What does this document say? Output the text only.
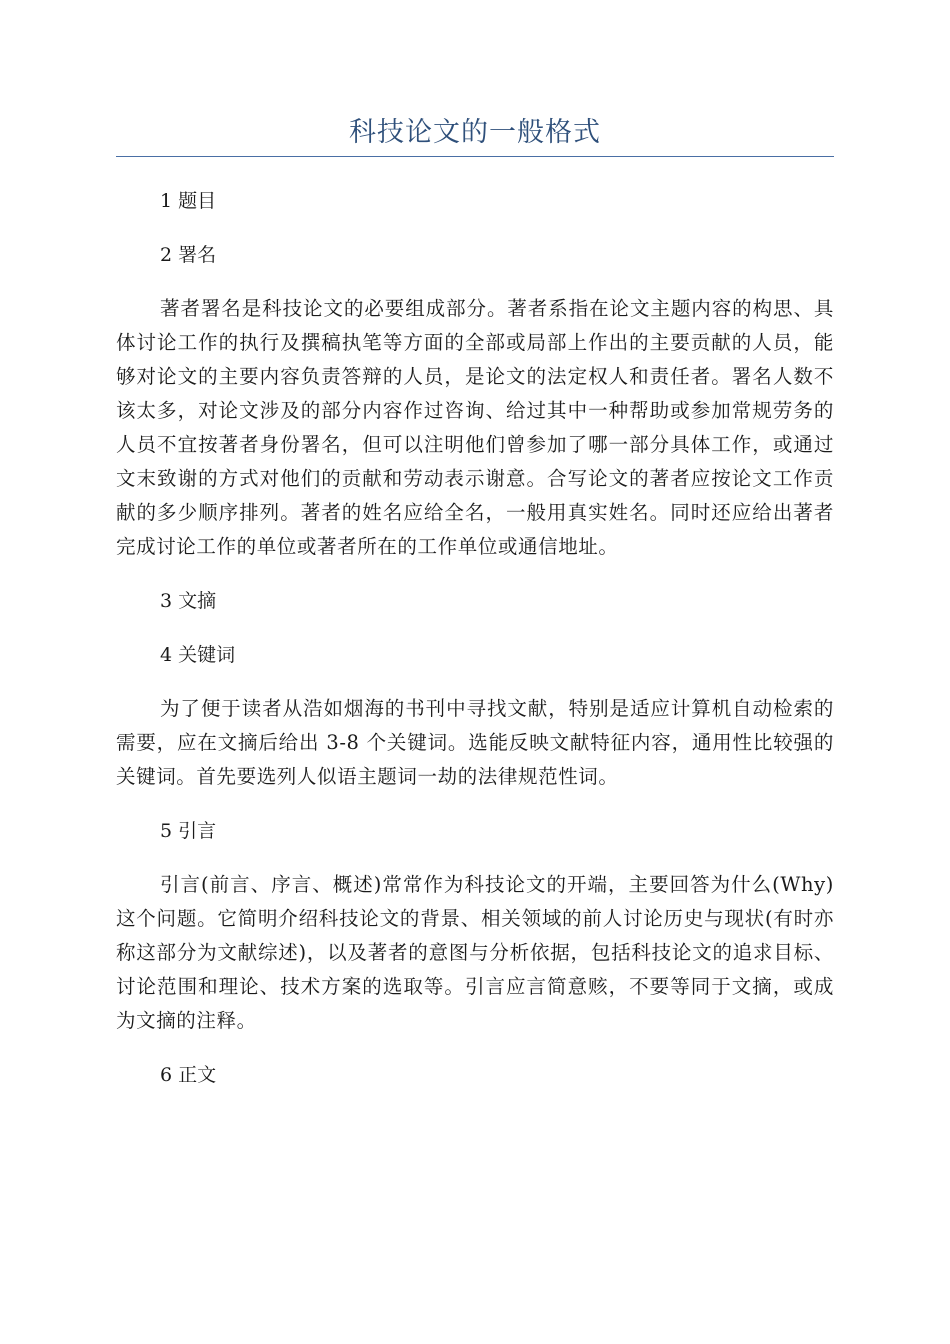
科技论文的一般格式
1 题目
2 署名
著者署名是科技论文的必要组成部分。著者系指在论文主题内容的构思、具体讨论工作的执行及撰稿执笔等方面的全部或局部上作出的主要贡献的人员，能够对论文的主要内容负责答辩的人员，是论文的法定权人和责任者。署名人数不该太多，对论文涉及的部分内容作过咨询、给过其中一种帮助或参加常规劳务的人员不宜按著者身份署名，但可以注明他们曾参加了哪一部分具体工作，或通过文末致谢的方式对他们的贡献和劳动表示谢意。合写论文的著者应按论文工作贡献的多少顺序排列。著者的姓名应给全名，一般用真实姓名。同时还应给出著者完成讨论工作的单位或著者所在的工作单位或通信地址。
3 文摘
4 关键词
为了便于读者从浩如烟海的书刊中寻找文献，特别是适应计算机自动检索的需要，应在文摘后给出 3-8 个关键词。选能反映文献特征内容，通用性比较强的关键词。首先要选列人似语主题词一劫的法律规范性词。
5 引言
引言(前言、序言、概述)常常作为科技论文的开端，主要回答为什么(Why)这个问题。它简明介绍科技论文的背景、相关领域的前人讨论历史与现状(有时亦称这部分为文献综述)，以及著者的意图与分析依据，包括科技论文的追求目标、讨论范围和理论、技术方案的选取等。引言应言简意赅，不要等同于文摘，或成为文摘的注释。
6 正文
